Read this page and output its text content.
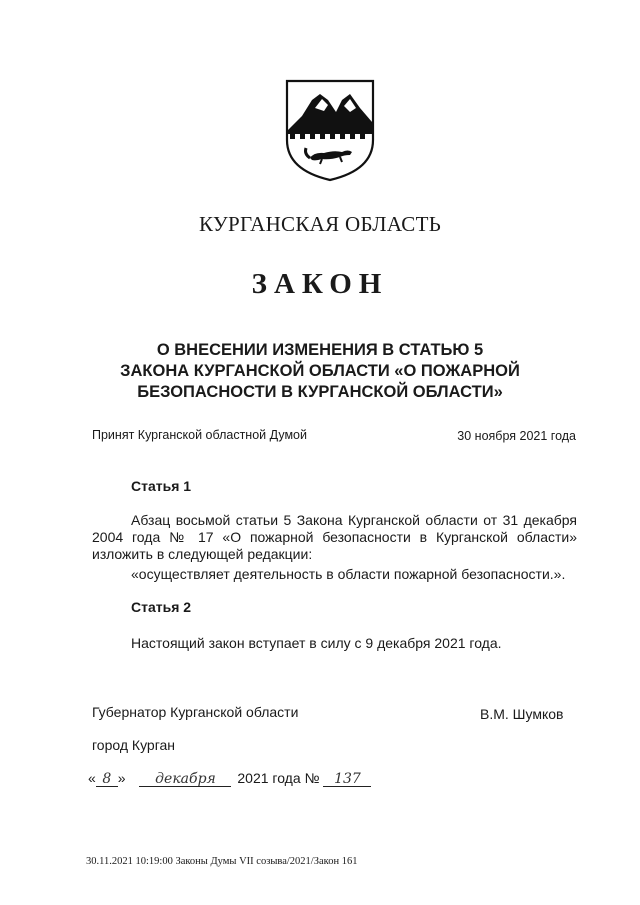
КУРГАНСКАЯ ОБЛАСТЬ
ЗАКОН
О ВНЕСЕНИИ ИЗМЕНЕНИЯ В СТАТЬЮ 5
ЗАКОНА КУРГАНСКОЙ ОБЛАСТИ «О ПОЖАРНОЙ
БЕЗОПАСНОСТИ В КУРГАНСКОЙ ОБЛАСТИ»
Принят Курганской областной Думой	30 ноября 2021 года
Статья 1
Абзац восьмой статьи 5 Закона Курганской области от 31 декабря
2004 года № 17 «О пожарной безопасности в Курганской области»
изложить в следующей редакции:
«осуществляет деятельность в области пожарной безопасности.».
Статья 2
Настоящий закон вступает в силу с 9 декабря 2021 года.
Губернатор Курганской области	В.М. Шумков
город Курган
« 8 » декабря 2021 года № 137
30.11.2021 10:19:00 Законы Думы VII созыва/2021/Закон 161
